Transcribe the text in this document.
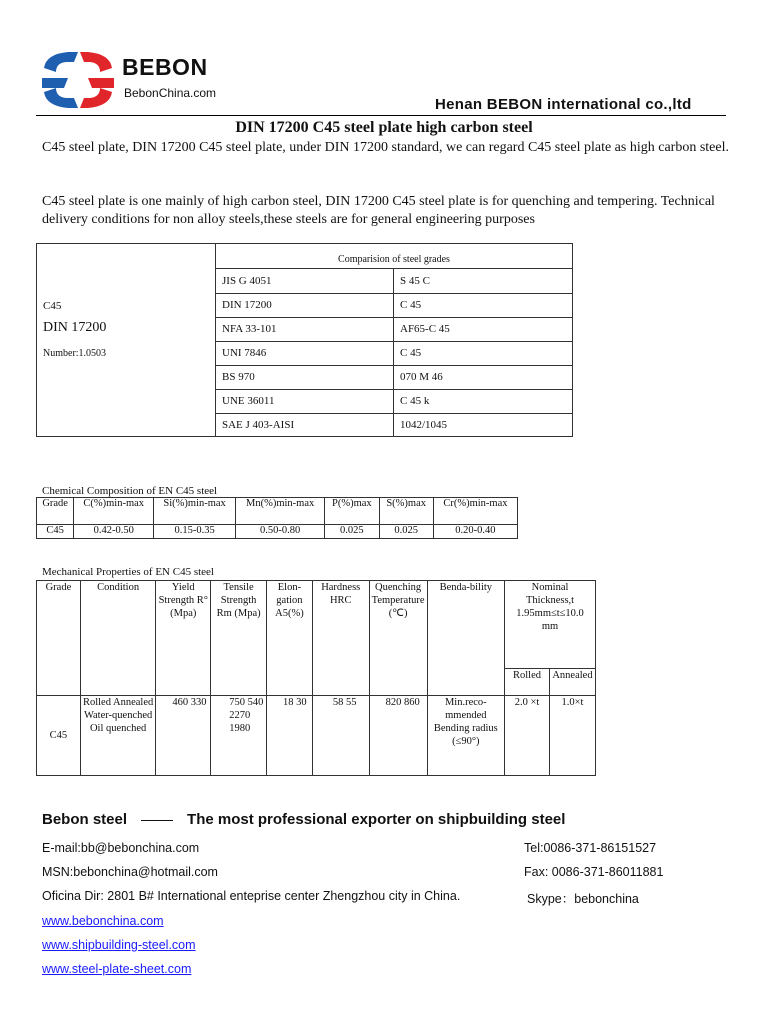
BEBON
BebonChina.com
Henan BEBON international co.,ltd
DIN 17200 C45 steel plate high carbon steel
C45 steel plate, DIN 17200 C45 steel plate, under DIN 17200 standard, we can regard C45 steel plate as high carbon steel.
C45 steel plate is one mainly of high carbon steel, DIN 17200 C45 steel plate is for quenching and tempering. Technical delivery conditions for non alloy steels,these steels are for general engineering purposes
C45
DIN 17200
Number:1.0503
Comparision of steel grades
JIS G 4051	S 45 C
DIN 17200	C 45
NFA 33-101	AF65-C 45
UNI 7846	C 45
BS 970	070 M 46
UNE 36011	C 45 k
SAE J 403-AISI	1042/1045
Chemical Composition of EN C45 steel
Grade	C(%)min-max	Si(%)min-max	Mn(%)min-max	P(%)max	S(%)max	Cr(%)min-max
C45	0.42-0.50	0.15-0.35	0.50-0.80	0.025	0.025	0.20-0.40
Mechanical Properties of EN C45 steel
Grade	Condition	Yield Strength R°(Mpa)	Tensile Strength Rm (Mpa)	Elon-gation A5(%)	Hardness HRC	Quenching Temperature (℃)	Benda-bility	Nominal Thickness,t 1.95mm≤t≤10.0 mm	
								Rolled	Annealed
C45	Rolled Annealed Water-quenched Oil quenched	460 330	750 540 2270 1980	18 30	58 55	820 860	Min.reco-mmended Bending radius (≤90°)	2.0 ×t	1.0×t
Bebon steel	The most professional exporter on shipbuilding steel
E-mail:bb@bebonchina.com	Tel:0086-371-86151527
MSN:bebonchina@hotmail.com	Fax: 0086-371-86011881
Oficina Dir: 2801 B# International enteprise center Zhengzhou city in China.	Skype：bebonchina
www.bebonchina.com
www.shipbuilding-steel.com
www.steel-plate-sheet.com
